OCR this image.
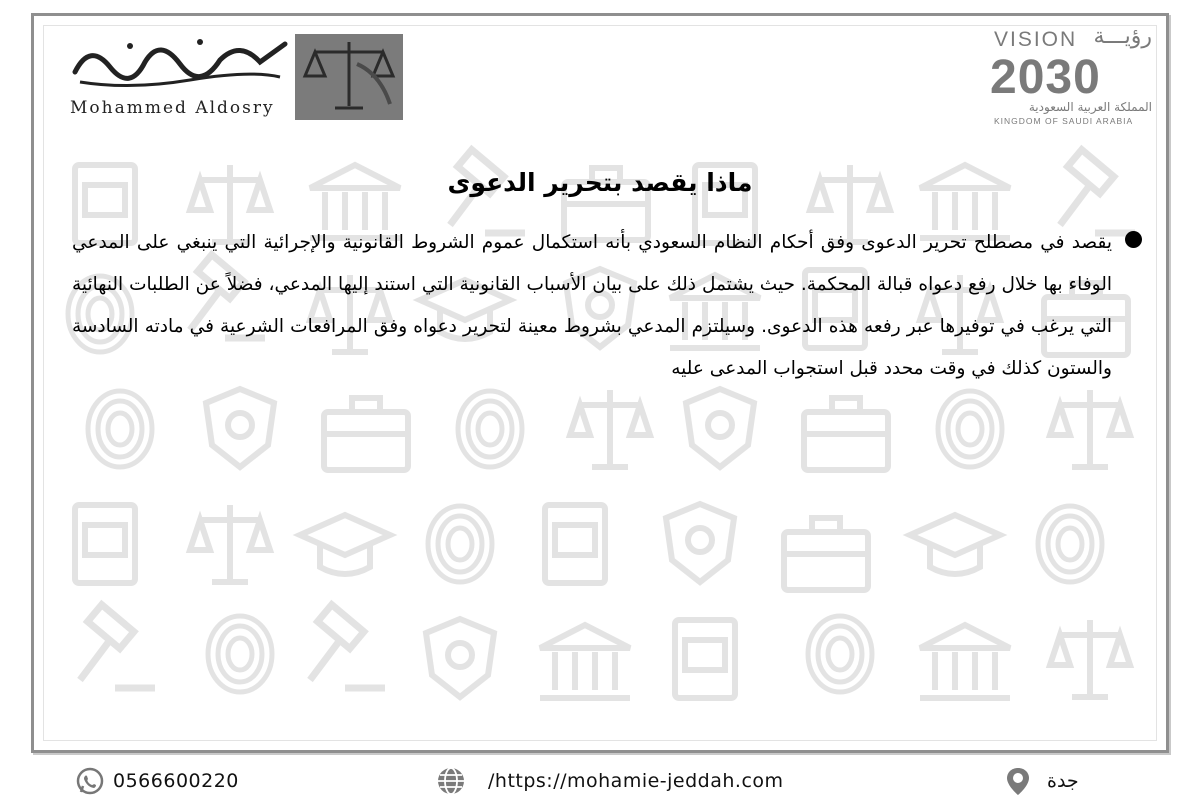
Mohammed Aldosry
VISION رؤيـــة
2030
المملكة العربية السعودية
KINGDOM OF SAUDI ARABIA
ماذا يقصد بتحرير الدعوى

يقصد في مصطلح تحرير الدعوى وفق أحكام النظام السعودي بأنه استكمال عموم الشروط القانونية والإجرائية التي ينبغي على المدعي الوفاء بها خلال رفع دعواه قبالة المحكمة. حيث يشتمل ذلك على بيان الأسباب القانونية التي استند إليها المدعي، فضلاً عن الطلبات النهائية التي يرغب في توفيرها عبر رفعه هذه الدعوى. وسيلتزم المدعي بشروط معينة لتحرير دعواه وفق المرافعات الشرعية في مادته السادسة والستون كذلك في وقت محدد قبل استجواب المدعى عليه

0566600220	/https://mohamie-jeddah.com	جدة
